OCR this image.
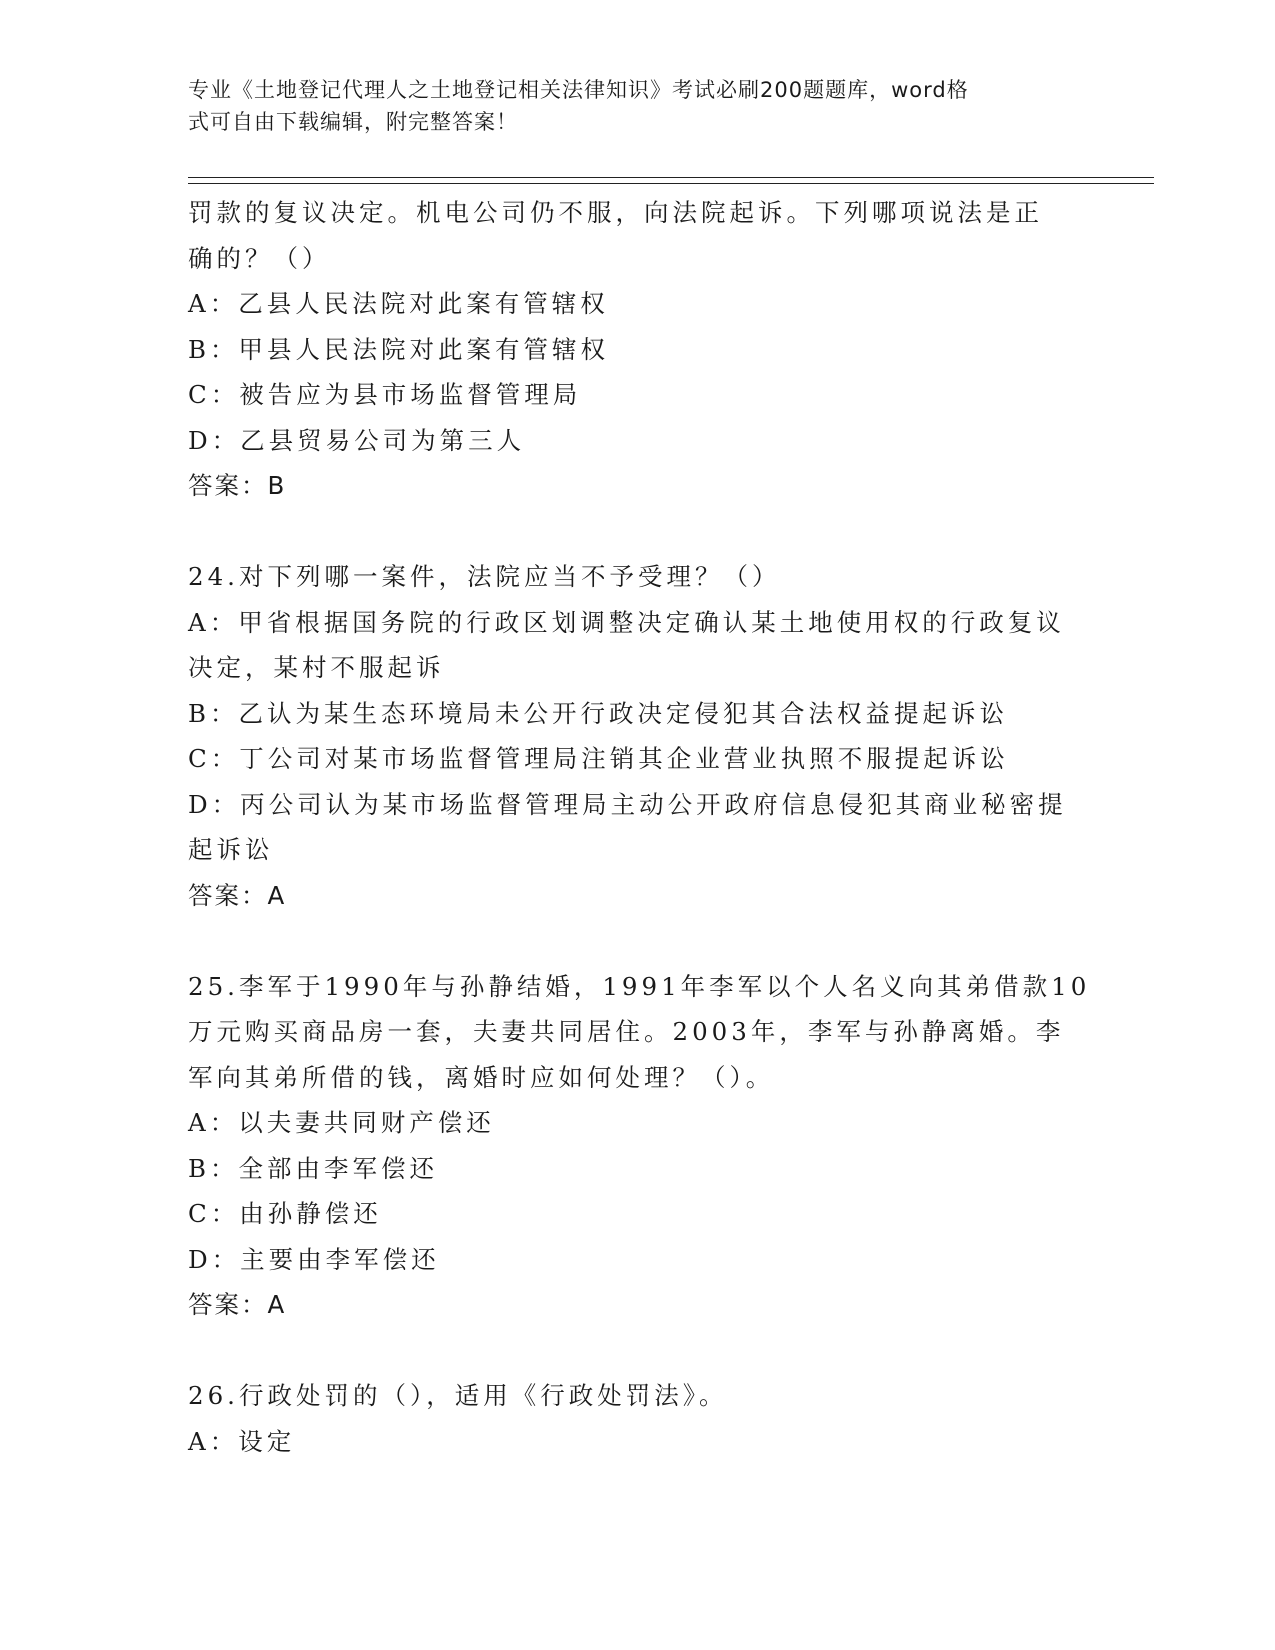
专业《土地登记代理人之土地登记相关法律知识》考试必刷200题题库，word格
式可自由下载编辑，附完整答案！
罚款的复议决定。机电公司仍不服，向法院起诉。下列哪项说法是正
确的？（）
A：乙县人民法院对此案有管辖权
B：甲县人民法院对此案有管辖权
C：被告应为县市场监督管理局
D：乙县贸易公司为第三人
答案：B
24.对下列哪一案件，法院应当不予受理？（）
A：甲省根据国务院的行政区划调整决定确认某土地使用权的行政复议
决定，某村不服起诉
B：乙认为某生态环境局未公开行政决定侵犯其合法权益提起诉讼
C：丁公司对某市场监督管理局注销其企业营业执照不服提起诉讼
D：丙公司认为某市场监督管理局主动公开政府信息侵犯其商业秘密提
起诉讼
答案：A
25.李军于1990年与孙静结婚，1991年李军以个人名义向其弟借款10
万元购买商品房一套，夫妻共同居住。2003年，李军与孙静离婚。李
军向其弟所借的钱，离婚时应如何处理？（）。
A：以夫妻共同财产偿还
B：全部由李军偿还
C：由孙静偿还
D：主要由李军偿还
答案：A
26.行政处罚的（），适用《行政处罚法》。
A：设定
